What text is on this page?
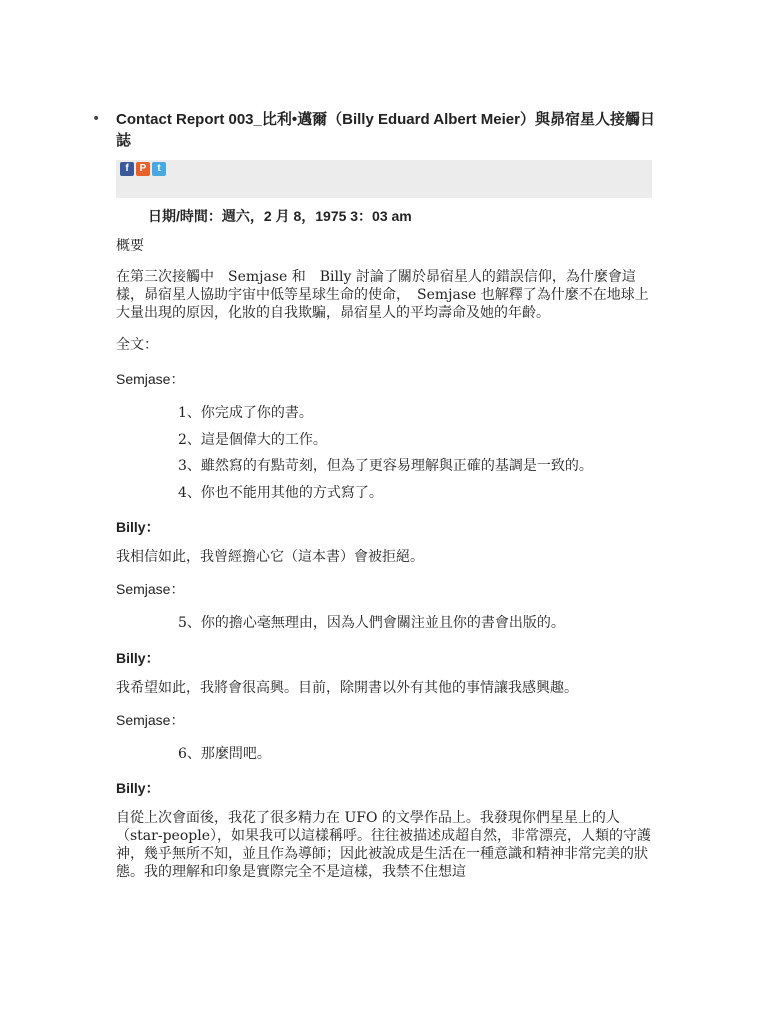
• Contact Report 003_比利•邁爾（Billy Eduard Albert Meier）與昴宿星人接觸日誌
f	P	t
日期/時間：週六，2 月 8，1975 3：03 am

概要

在第三次接觸中　Semjase 和　Billy 討論了關於昴宿星人的錯誤信仰，為什麼會這樣，昴宿星人協助宇宙中低等星球生命的使命，　Semjase 也解釋了為什麼不在地球上大量出現的原因，化妝的自我欺騙，昴宿星人的平均壽命及她的年齡。

全文：

Semjase：
1、你完成了你的書。
2、這是個偉大的工作。
3、雖然寫的有點苛刻，但為了更容易理解與正確的基調是一致的。
4、你也不能用其他的方式寫了。
Billy：

我相信如此，我曾經擔心它（這本書）會被拒絕。

Semjase：
5、你的擔心毫無理由，因為人們會關注並且你的書會出版的。
Billy：

我希望如此，我將會很高興。目前，除開書以外有其他的事情讓我感興趣。

Semjase：
6、那麼問吧。
Billy：

自從上次會面後，我花了很多精力在 UFO 的文學作品上。我發現你們星星上的人（star-people），如果我可以這樣稱呼。往往被描述成超自然，非常漂亮，人類的守護神，幾乎無所不知，並且作為導師；因此被說成是生活在一種意識和精神非常完美的狀態。我的理解和印象是實際完全不是這樣，我禁不住想這
